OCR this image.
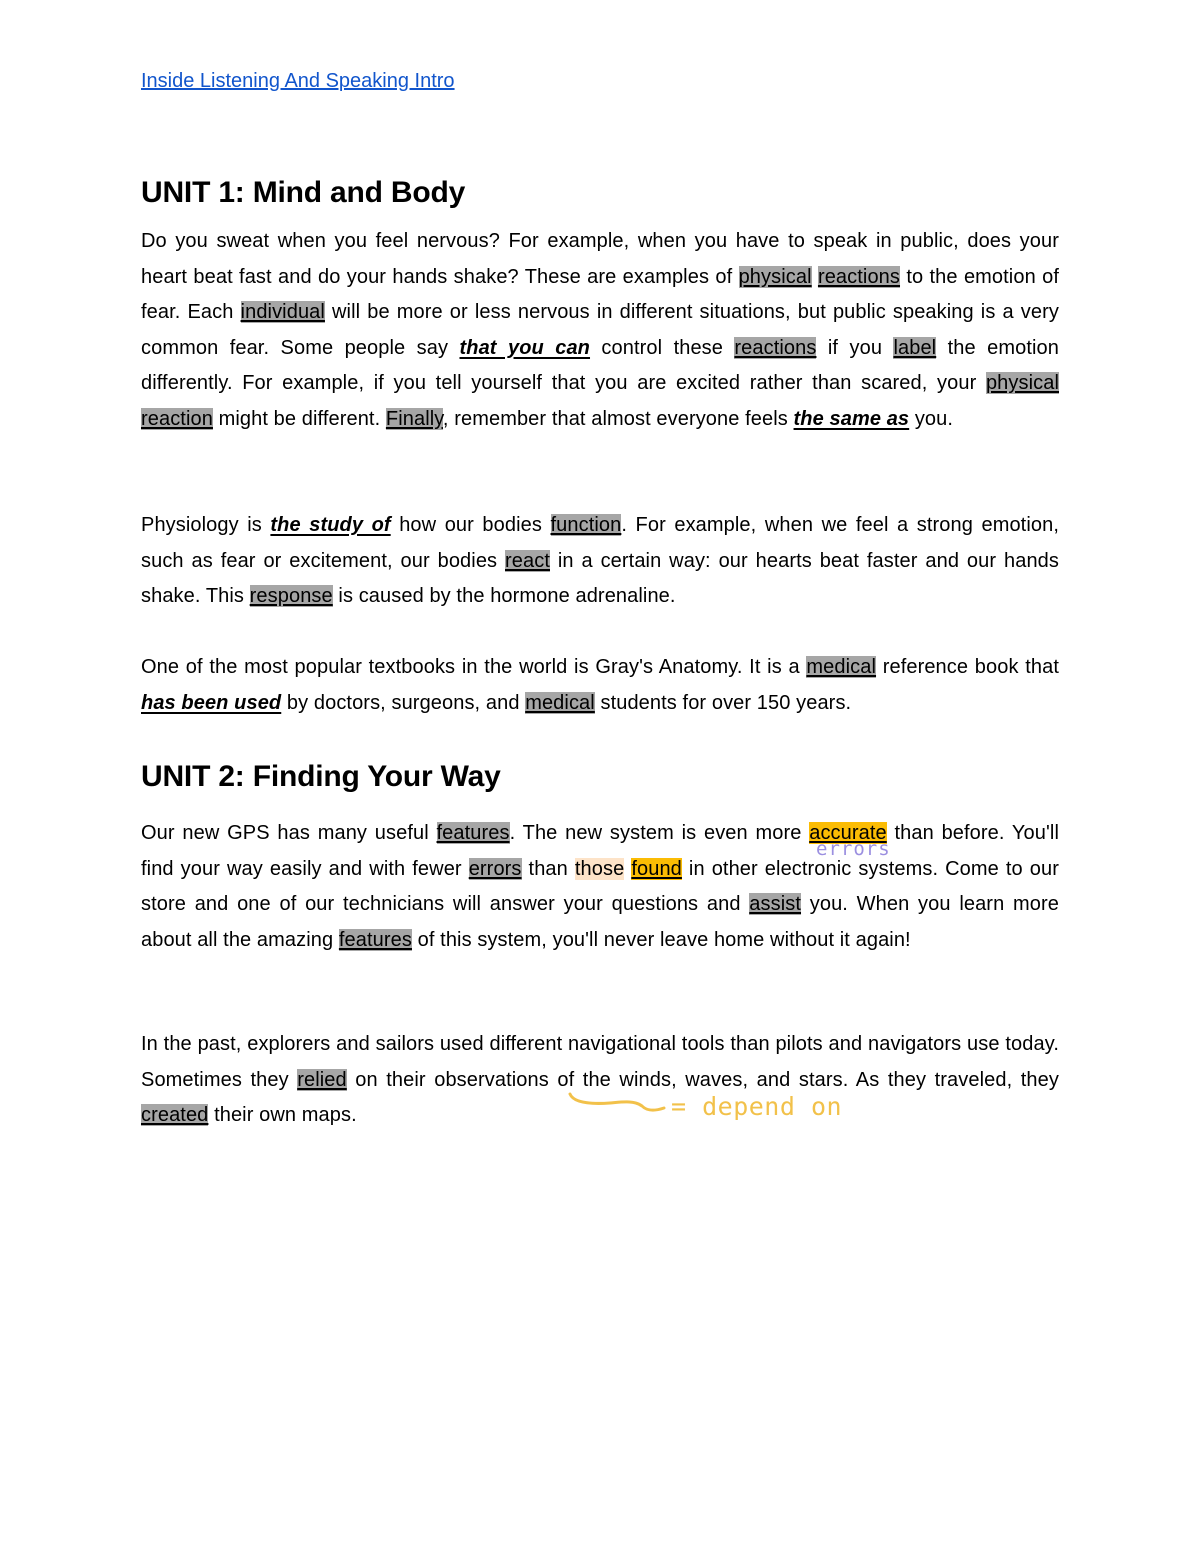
Inside Listening And Speaking Intro
UNIT 1: Mind and Body

Do you sweat when you feel nervous? For example, when you have to speak in public, does your heart beat fast and do your hands shake? These are examples of physical reactions to the emotion of fear. Each individual will be more or less nervous in different situations, but public speaking is a very common fear. Some people say that you can control these reactions if you label the emotion differently. For example, if you tell yourself that you are excited rather than scared, your physical reaction might be different. Finally, remember that almost everyone feels the same as you.

Physiology is the study of how our bodies function. For example, when we feel a strong emotion, such as fear or excitement, our bodies react in a certain way: our hearts beat faster and our hands shake. This response is caused by the hormone adrenaline.

One of the most popular textbooks in the world is Gray's Anatomy. It is a medical reference book that has been used by doctors, surgeons, and medical students for over 150 years.

UNIT 2: Finding Your Way

Our new GPS has many useful features. The new system is even more accurate than before. You'll find your way easily and with fewer errors than those found in other electronic systems. Come to our store and one of our technicians will answer your questions and assist you. When you learn more about all the amazing features of this system, you'll never leave home without it again!

In the past, explorers and sailors used different navigational tools than pilots and navigators use today. Sometimes they relied on their observations of the winds, waves, and stars. As they traveled, they created their own maps.

errors
= depend on
